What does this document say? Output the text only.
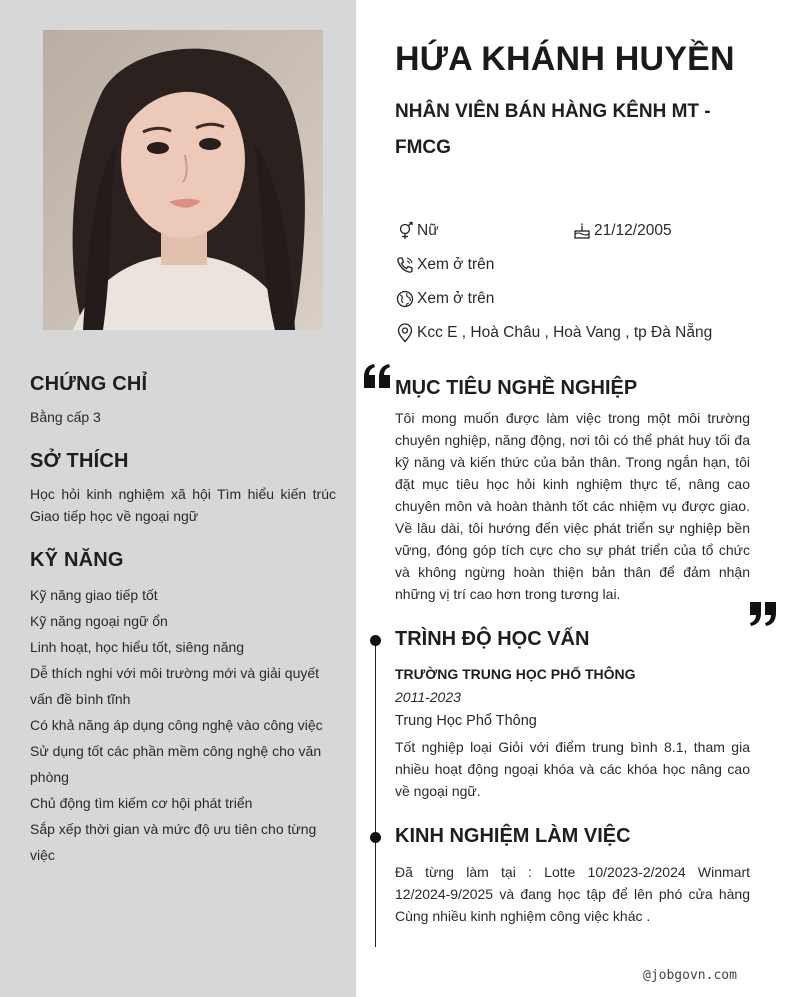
CHỨNG CHỈ
Bằng cấp 3
SỞ THÍCH
Học hỏi kinh nghiệm xã hội Tìm hiểu kiến trúc Giao tiếp học về ngoại ngữ
KỸ NĂNG
Kỹ năng giao tiếp tốt
Kỹ năng ngoại ngữ ổn
Linh hoạt, học hiểu tốt, siêng năng
Dễ thích nghi với môi trường mới và giải quyết vấn đề bình tĩnh
Có khả năng áp dụng công nghệ vào công việc
Sử dụng tốt các phần mềm công nghệ cho văn phòng
Chủ động tìm kiếm cơ hội phát triển
Sắp xếp thời gian và mức độ ưu tiên cho từng việc
HỨA KHÁNH HUYỀN
NHÂN VIÊN BÁN HÀNG KÊNH MT - FMCG
Nữ	21/12/2005
Xem ở trên
Xem ở trên
Kcc E , Hoà Châu , Hoà Vang , tp Đà Nẵng
MỤC TIÊU NGHỀ NGHIỆP
Tôi mong muốn được làm việc trong một môi trường chuyên nghiệp, năng động, nơi tôi có thể phát huy tối đa kỹ năng và kiến thức của bản thân. Trong ngắn hạn, tôi đặt mục tiêu học hỏi kinh nghiệm thực tế, nâng cao chuyên môn và hoàn thành tốt các nhiệm vụ được giao. Về lâu dài, tôi hướng đến việc phát triển sự nghiệp bền vững, đóng góp tích cực cho sự phát triển của tổ chức và không ngừng hoàn thiện bản thân để đảm nhận những vị trí cao hơn trong tương lai.
TRÌNH ĐỘ HỌC VẤN
TRƯỜNG TRUNG HỌC PHỔ THÔNG
2011-2023
Trung Học Phổ Thông
Tốt nghiệp loại Giỏi với điểm trung bình 8.1, tham gia nhiều hoạt động ngoại khóa và các khóa học nâng cao về ngoại ngữ.
KINH NGHIỆM LÀM VIỆC
Đã từng làm tại : Lotte 10/2023-2/2024 Winmart 12/2024-9/2025 và đang học tập để lên phó cửa hàng Cùng nhiều kinh nghiệm công việc khác .
@jobgovn.com
